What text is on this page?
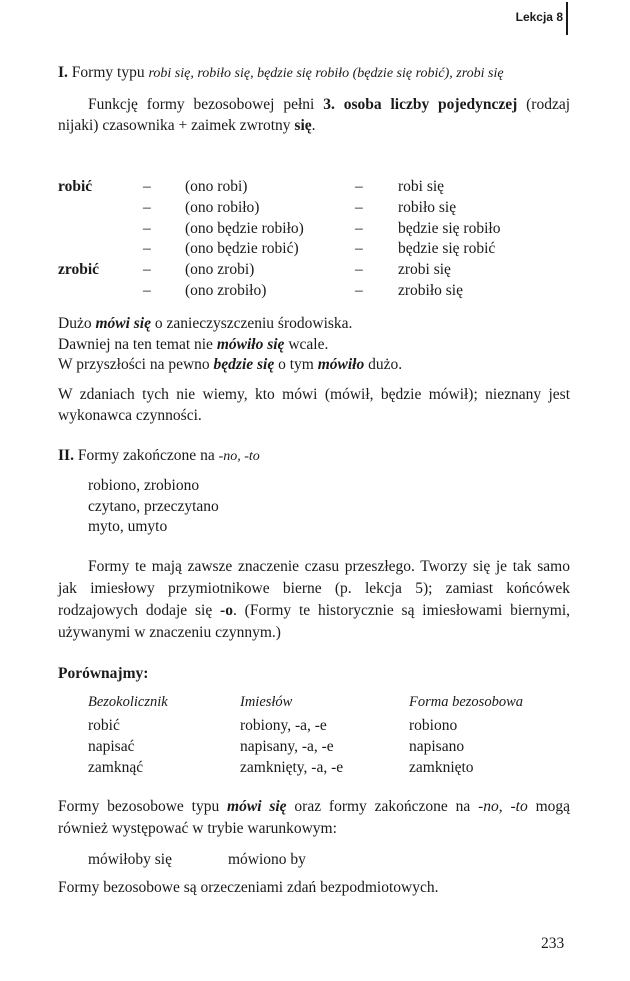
Lekcja 8
I. Formy typu robi się, robiło się, będzie się robiło (będzie się robić), zrobi się
Funkcję formy bezosobowej pełni 3. osoba liczby pojedynczej (rodzaj nijaki) czasownika + zaimek zwrotny się.
robić	–	(ono robi)	–	robi się
	–	(ono robiło)	–	robiło się
	–	(ono będzie robiło)	–	będzie się robiło
	–	(ono będzie robić)	–	będzie się robić
zrobić	–	(ono zrobi)	–	zrobi się
	–	(ono zrobiło)	–	zrobiło się
Dużo mówi się o zanieczyszczeniu środowiska.
Dawniej na ten temat nie mówiło się wcale.
W przyszłości na pewno będzie się o tym mówiło dużo.
W zdaniach tych nie wiemy, kto mówi (mówił, będzie mówił); nieznany jest wykonawca czynności.
II. Formy zakończone na -no, -to
robiono, zrobiono
czytano, przeczytano
myto, umyto
Formy te mają zawsze znaczenie czasu przeszłego. Tworzy się je tak samo jak imiesłowy przymiotnikowe bierne (p. lekcja 5); zamiast końcówek rodzajowych dodaje się -o. (Formy te historycznie są imiesłowami biernymi, używanymi w znaczeniu czynnym.)
Porównajmy:
Bezokolicznik	Imiesłów	Forma bezosobowa
robić	robiony, -a, -e	robiono
napisać	napisany, -a, -e	napisano
zamknąć	zamknięty, -a, -e	zamknięto
Formy bezosobowe typu mówi się oraz formy zakończone na -no, -to mogą również występować w trybie warunkowym:
mówiłoby się	mówiono by
Formy bezosobowe są orzeczeniami zdań bezpodmiotowych.
233
